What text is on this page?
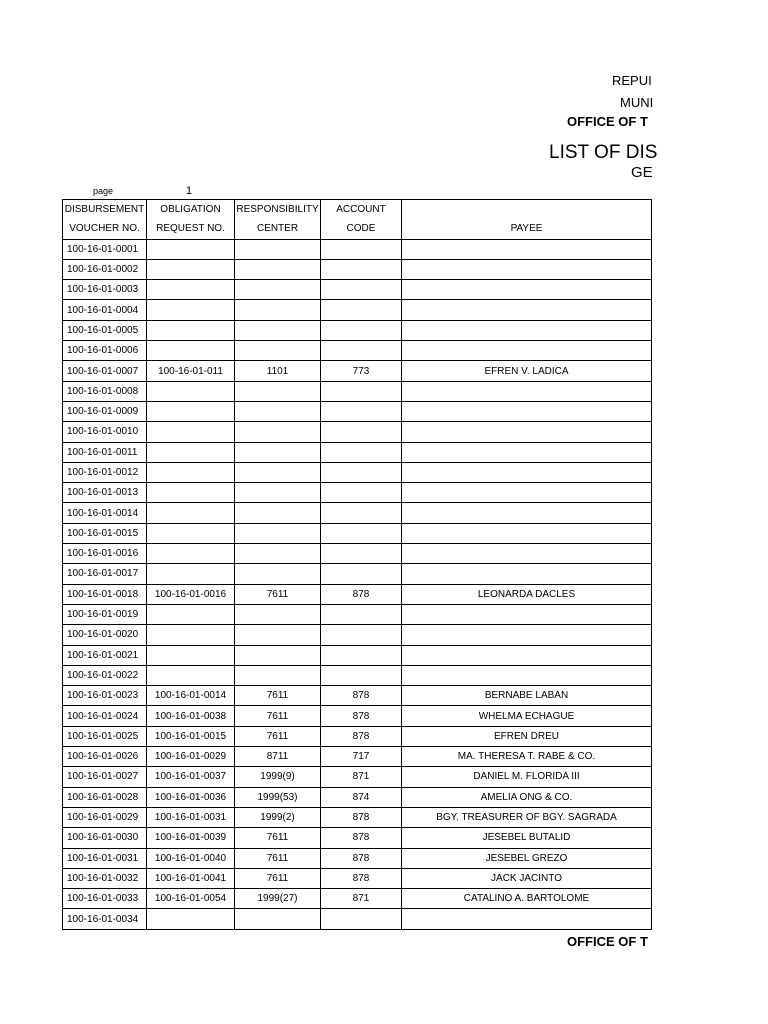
REPUI
MUNI
OFFICE OF T
LIST OF DIS
GE
page	1
DISBURSEMENT	OBLIGATION	RESPONSIBILITY	ACCOUNT	
VOUCHER NO.	REQUEST NO.	CENTER	CODE	PAYEE
100-16-01-0001				
100-16-01-0002				
100-16-01-0003				
100-16-01-0004				
100-16-01-0005				
100-16-01-0006				
100-16-01-0007	100-16-01-011	1101	773	EFREN V. LADICA
100-16-01-0008				
100-16-01-0009				
100-16-01-0010				
100-16-01-0011				
100-16-01-0012				
100-16-01-0013				
100-16-01-0014				
100-16-01-0015				
100-16-01-0016				
100-16-01-0017				
100-16-01-0018	100-16-01-0016	7611	878	LEONARDA DACLES
100-16-01-0019				
100-16-01-0020				
100-16-01-0021				
100-16-01-0022				
100-16-01-0023	100-16-01-0014	7611	878	BERNABE LABAN
100-16-01-0024	100-16-01-0038	7611	878	WHELMA ECHAGUE
100-16-01-0025	100-16-01-0015	7611	878	EFREN DREU
100-16-01-0026	100-16-01-0029	8711	717	MA. THERESA T. RABE & CO.
100-16-01-0027	100-16-01-0037	1999(9)	871	DANIEL M. FLORIDA III
100-16-01-0028	100-16-01-0036	1999(53)	874	AMELIA ONG & CO.
100-16-01-0029	100-16-01-0031	1999(2)	878	BGY. TREASURER OF BGY. SAGRADA
100-16-01-0030	100-16-01-0039	7611	878	JESEBEL BUTALID
100-16-01-0031	100-16-01-0040	7611	878	JESEBEL GREZO
100-16-01-0032	100-16-01-0041	7611	878	JACK JACINTO
100-16-01-0033	100-16-01-0054	1999(27)	871	CATALINO A. BARTOLOME
100-16-01-0034				
OFFICE OF T
